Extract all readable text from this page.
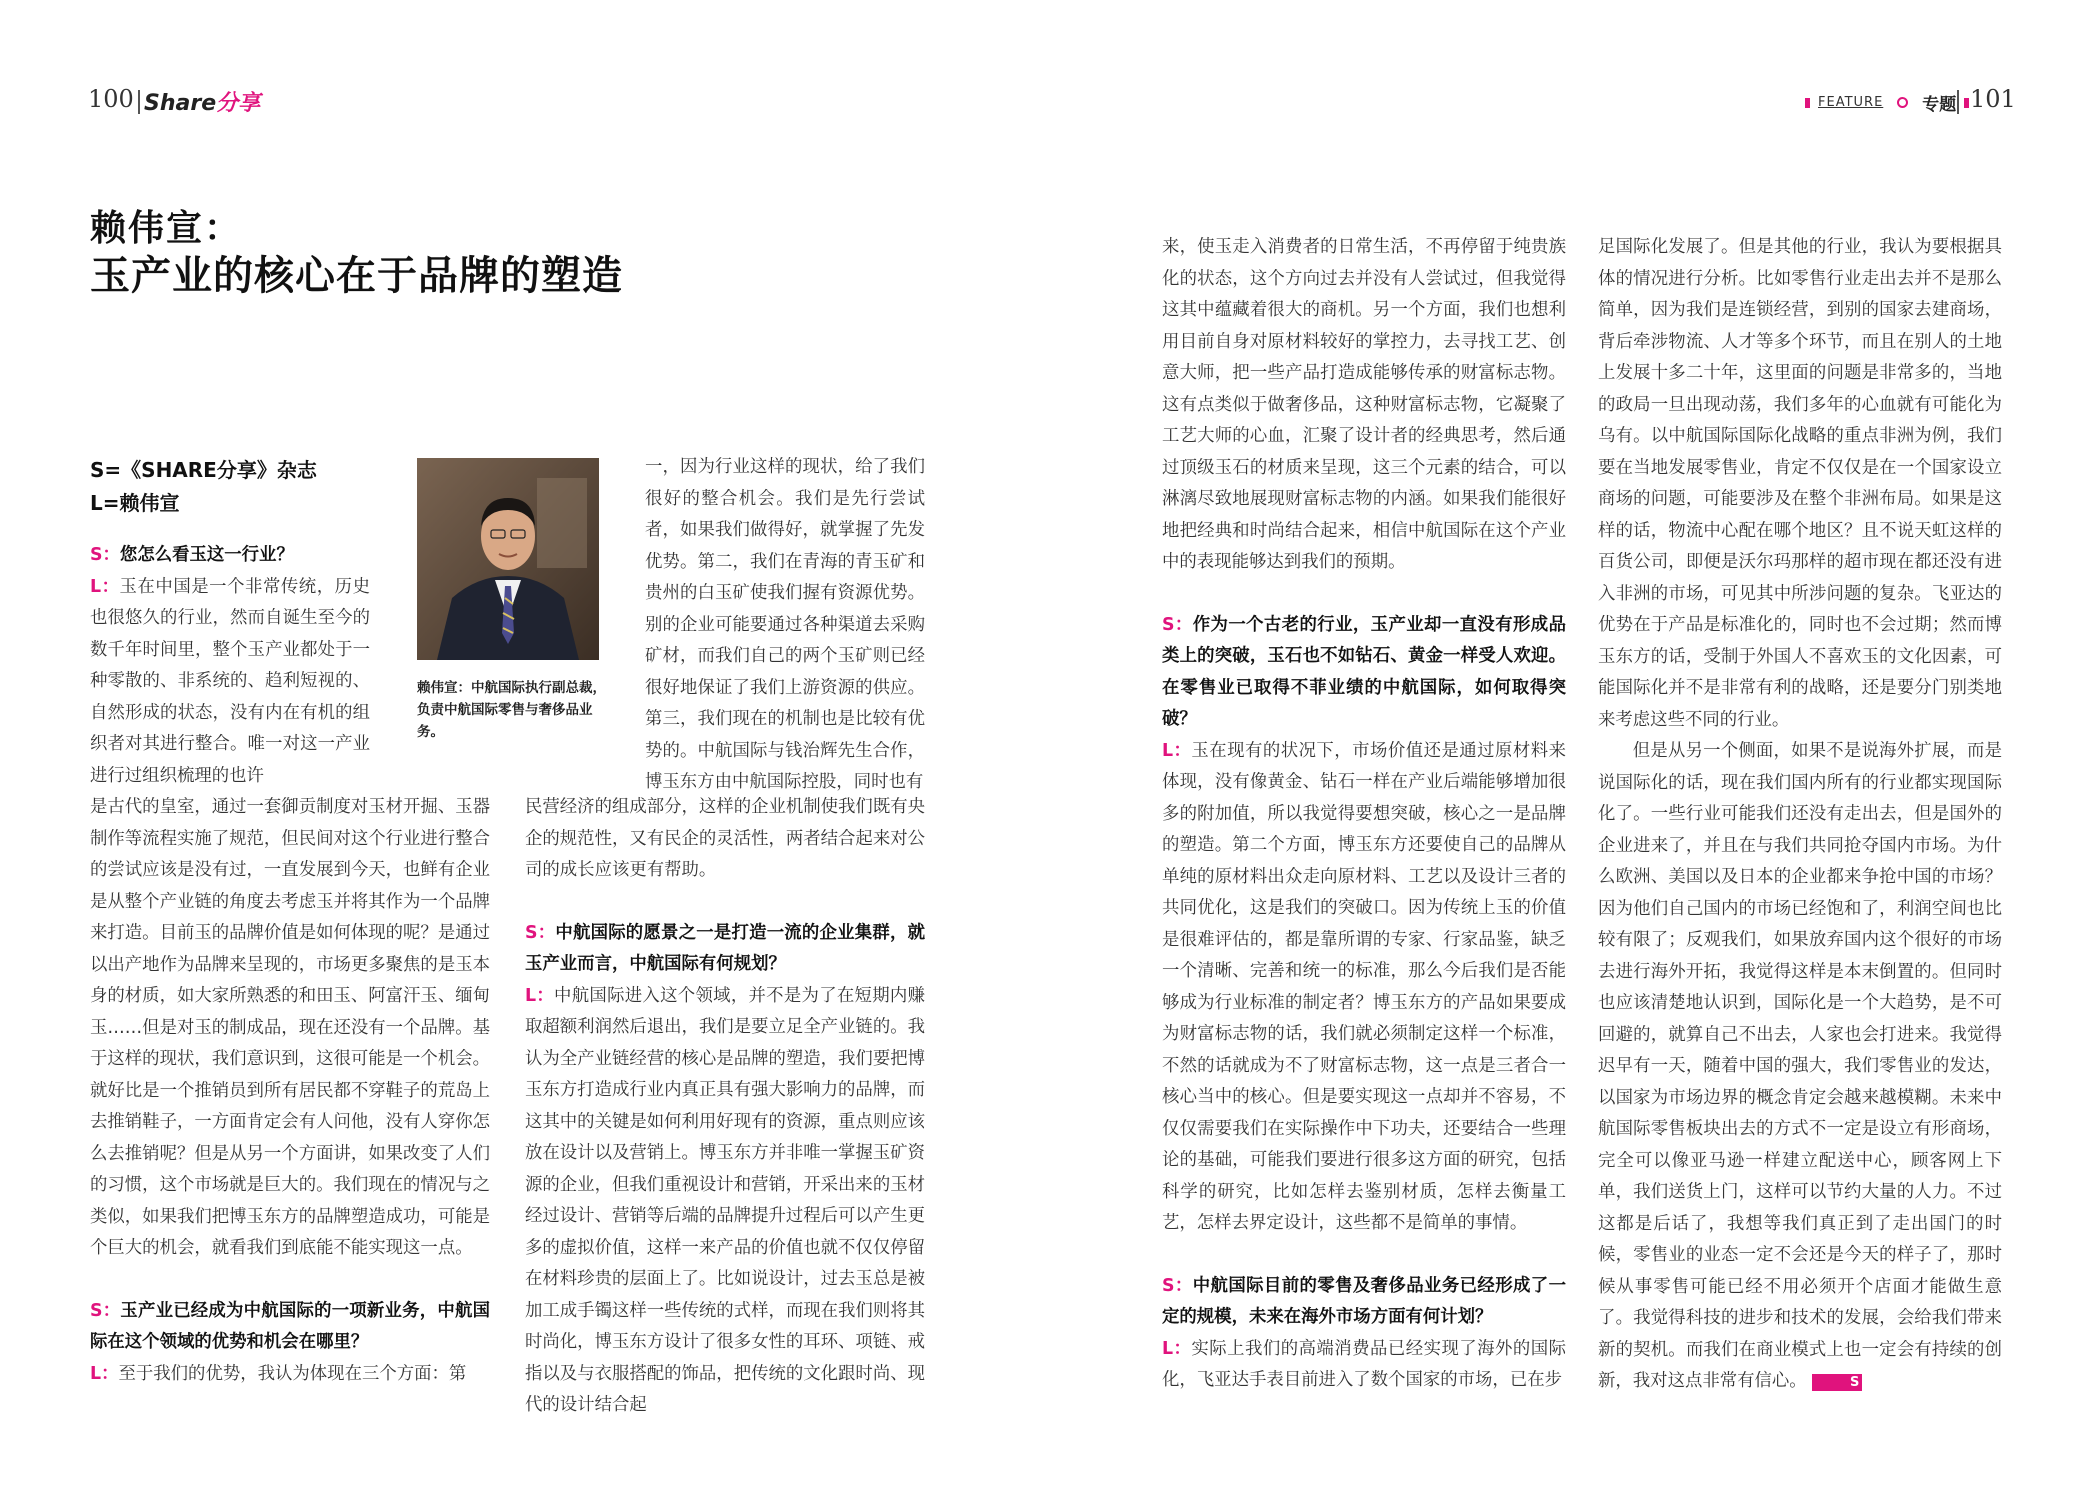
100 Share分享	FEATURE 专题 101
赖伟宣：
玉产业的核心在于品牌的塑造
S=《SHARE分享》杂志
L=赖伟宣
赖伟宣：中航国际执行副总裁，负责中航国际零售与奢侈品业务。

S：您怎么看玉这一行业？

L：玉在中国是一个非常传统，历史也很悠久的行业，然而自诞生至今的数千年时间里，整个玉产业都处于一种零散的、非系统的、趋利短视的、自然形成的状态，没有内在有机的组织者对其进行整合。唯一对这一产业进行过组织梳理的也许

是古代的皇室，通过一套御贡制度对玉材开掘、玉器制作等流程实施了规范，但民间对这个行业进行整合的尝试应该是没有过，一直发展到今天，也鲜有企业是从整个产业链的角度去考虑玉并将其作为一个品牌来打造。目前玉的品牌价值是如何体现的呢？是通过以出产地作为品牌来呈现的，市场更多聚焦的是玉本身的材质，如大家所熟悉的和田玉、阿富汗玉、缅甸玉……但是对玉的制成品，现在还没有一个品牌。基于这样的现状，我们意识到，这很可能是一个机会。就好比是一个推销员到所有居民都不穿鞋子的荒岛上去推销鞋子，一方面肯定会有人问他，没有人穿你怎么去推销呢？但是从另一个方面讲，如果改变了人们的习惯，这个市场就是巨大的。我们现在的情况与之类似，如果我们把博玉东方的品牌塑造成功，可能是个巨大的机会，就看我们到底能不能实现这一点。

S：玉产业已经成为中航国际的一项新业务，中航国际在这个领域的优势和机会在哪里？

L：至于我们的优势，我认为体现在三个方面：第

一，因为行业这样的现状，给了我们很好的整合机会。我们是先行尝试者，如果我们做得好，就掌握了先发优势。第二，我们在青海的青玉矿和贵州的白玉矿使我们握有资源优势。别的企业可能要通过各种渠道去采购矿材，而我们自己的两个玉矿则已经很好地保证了我们上游资源的供应。第三，我们现在的机制也是比较有优势的。中航国际与钱治辉先生合作，博玉东方由中航国际控股，同时也有

民营经济的组成部分，这样的企业机制使我们既有央企的规范性，又有民企的灵活性，两者结合起来对公司的成长应该更有帮助。

S：中航国际的愿景之一是打造一流的企业集群，就玉产业而言，中航国际有何规划？

L：中航国际进入这个领域，并不是为了在短期内赚取超额利润然后退出，我们是要立足全产业链的。我认为全产业链经营的核心是品牌的塑造，我们要把博玉东方打造成行业内真正具有强大影响力的品牌，而这其中的关键是如何利用好现有的资源，重点则应该放在设计以及营销上。博玉东方并非唯一掌握玉矿资源的企业，但我们重视设计和营销，开采出来的玉材经过设计、营销等后端的品牌提升过程后可以产生更多的虚拟价值，这样一来产品的价值也就不仅仅停留在材料珍贵的层面上了。比如说设计，过去玉总是被加工成手镯这样一些传统的式样，而现在我们则将其时尚化，博玉东方设计了很多女性的耳环、项链、戒指以及与衣服搭配的饰品，把传统的文化跟时尚、现代的设计结合起

来，使玉走入消费者的日常生活，不再停留于纯贵族化的状态，这个方向过去并没有人尝试过，但我觉得这其中蕴藏着很大的商机。另一个方面，我们也想利用目前自身对原材料较好的掌控力，去寻找工艺、创意大师，把一些产品打造成能够传承的财富标志物。这有点类似于做奢侈品，这种财富标志物，它凝聚了工艺大师的心血，汇聚了设计者的经典思考，然后通过顶级玉石的材质来呈现，这三个元素的结合，可以淋漓尽致地展现财富标志物的内涵。如果我们能很好地把经典和时尚结合起来，相信中航国际在这个产业中的表现能够达到我们的预期。

S：作为一个古老的行业，玉产业却一直没有形成品类上的突破，玉石也不如钻石、黄金一样受人欢迎。在零售业已取得不菲业绩的中航国际，如何取得突破？

L：玉在现有的状况下，市场价值还是通过原材料来体现，没有像黄金、钻石一样在产业后端能够增加很多的附加值，所以我觉得要想突破，核心之一是品牌的塑造。第二个方面，博玉东方还要使自己的品牌从单纯的原材料出众走向原材料、工艺以及设计三者的共同优化，这是我们的突破口。因为传统上玉的价值是很难评估的，都是靠所谓的专家、行家品鉴，缺乏一个清晰、完善和统一的标准，那么今后我们是否能够成为行业标准的制定者？博玉东方的产品如果要成为财富标志物的话，我们就必须制定这样一个标准，不然的话就成为不了财富标志物，这一点是三者合一核心当中的核心。但是要实现这一点却并不容易，不仅仅需要我们在实际操作中下功夫，还要结合一些理论的基础，可能我们要进行很多这方面的研究，包括科学的研究，比如怎样去鉴别材质，怎样去衡量工艺，怎样去界定设计，这些都不是简单的事情。

S：中航国际目前的零售及奢侈品业务已经形成了一定的规模，未来在海外市场方面有何计划？

L：实际上我们的高端消费品已经实现了海外的国际化，飞亚达手表目前进入了数个国家的市场，已在步

足国际化发展了。但是其他的行业，我认为要根据具体的情况进行分析。比如零售行业走出去并不是那么简单，因为我们是连锁经营，到别的国家去建商场，背后牵涉物流、人才等多个环节，而且在别人的土地上发展十多二十年，这里面的问题是非常多的，当地的政局一旦出现动荡，我们多年的心血就有可能化为乌有。以中航国际国际化战略的重点非洲为例，我们要在当地发展零售业，肯定不仅仅是在一个国家设立商场的问题，可能要涉及在整个非洲布局。如果是这样的话，物流中心配在哪个地区？且不说天虹这样的百货公司，即便是沃尔玛那样的超市现在都还没有进入非洲的市场，可见其中所涉问题的复杂。飞亚达的优势在于产品是标准化的，同时也不会过期；然而博玉东方的话，受制于外国人不喜欢玉的文化因素，可能国际化并不是非常有利的战略，还是要分门别类地来考虑这些不同的行业。

但是从另一个侧面，如果不是说海外扩展，而是说国际化的话，现在我们国内所有的行业都实现国际化了。一些行业可能我们还没有走出去，但是国外的企业进来了，并且在与我们共同抢夺国内市场。为什么欧洲、美国以及日本的企业都来争抢中国的市场？因为他们自己国内的市场已经饱和了，利润空间也比较有限了；反观我们，如果放弃国内这个很好的市场去进行海外开拓，我觉得这样是本末倒置的。但同时也应该清楚地认识到，国际化是一个大趋势，是不可回避的，就算自己不出去，人家也会打进来。我觉得迟早有一天，随着中国的强大，我们零售业的发达，以国家为市场边界的概念肯定会越来越模糊。未来中航国际零售板块出去的方式不一定是设立有形商场，完全可以像亚马逊一样建立配送中心，顾客网上下单，我们送货上门，这样可以节约大量的人力。不过这都是后话了，我想等我们真正到了走出国门的时候，零售业的业态一定不会还是今天的样子了，那时候从事零售可能已经不用必须开个店面才能做生意了。我觉得科技的进步和技术的发展，会给我们带来新的契机。而我们在商业模式上也一定会有持续的创新，我对这点非常有信心。	S
